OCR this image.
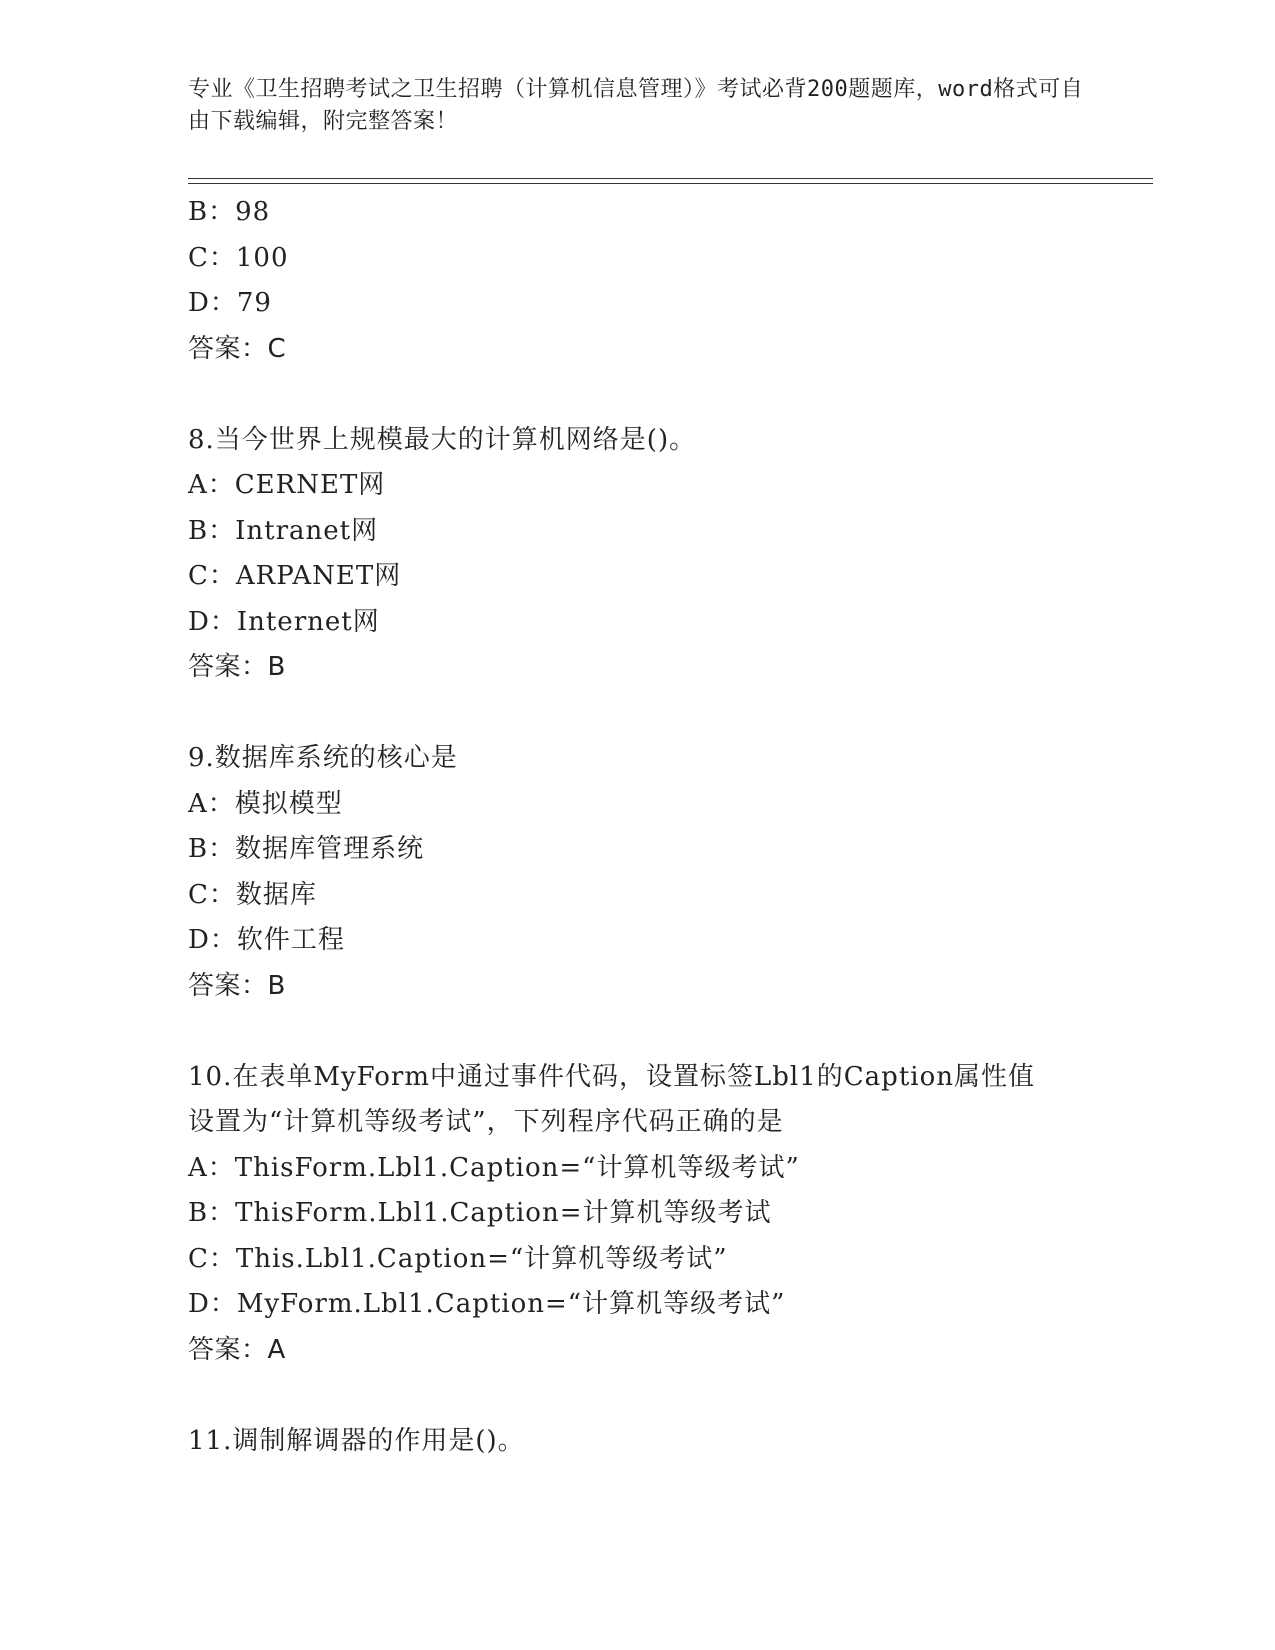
专业《卫生招聘考试之卫生招聘（计算机信息管理）》考试必背200题题库，word格式可自由下载编辑，附完整答案！
B：98
C：100
D：79
答案：C
8.当今世界上规模最大的计算机网络是()。
A：CERNET网
B：Intranet网
C：ARPANET网
D：Internet网
答案：B
9.数据库系统的核心是
A：模拟模型
B：数据库管理系统
C：数据库
D：软件工程
答案：B
10.在表单MyForm中通过事件代码，设置标签Lbl1的Caption属性值设置为“计算机等级考试”，下列程序代码正确的是
A：ThisForm.Lbl1.Caption=“计算机等级考试”
B：ThisForm.Lbl1.Caption=计算机等级考试
C：This.Lbl1.Caption=“计算机等级考试”
D：MyForm.Lbl1.Caption=“计算机等级考试”
答案：A
11.调制解调器的作用是()。
